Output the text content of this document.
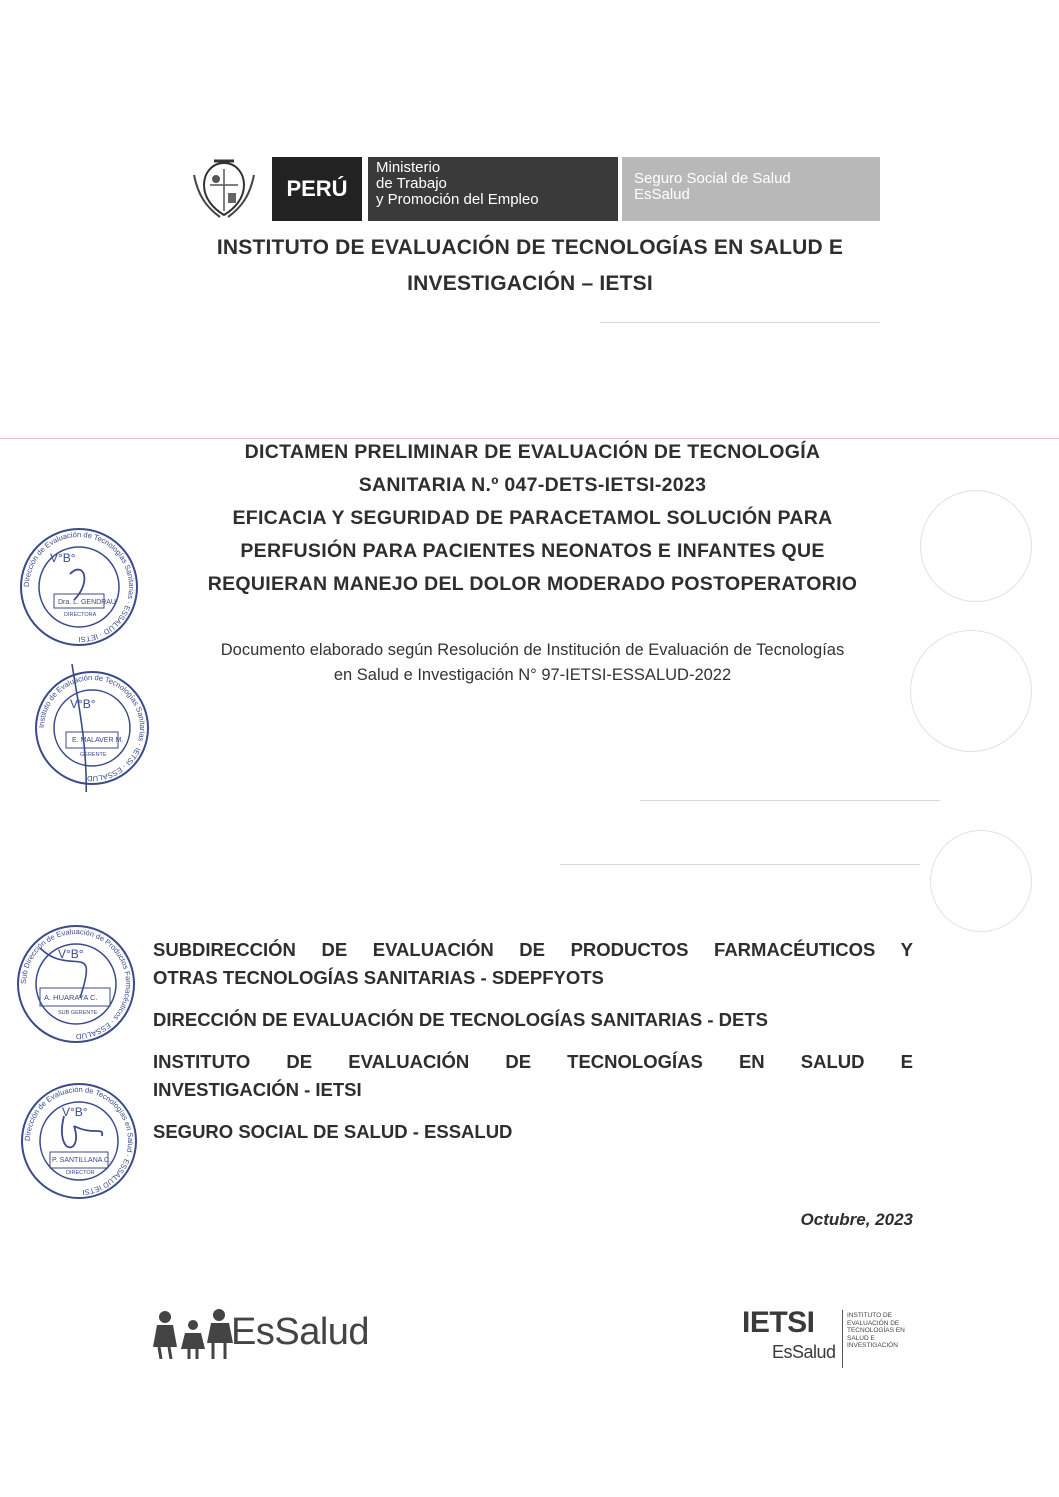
PERÚ
Ministerio
de Trabajo
y Promoción del Empleo
Seguro Social de Salud
EsSalud
INSTITUTO DE EVALUACIÓN DE TECNOLOGÍAS EN SALUD E
INVESTIGACIÓN – IETSI
DICTAMEN PRELIMINAR DE EVALUACIÓN DE TECNOLOGÍA
SANITARIA N.º 047-DETS-IETSI-2023
EFICACIA Y SEGURIDAD DE PARACETAMOL SOLUCIÓN PARA
PERFUSIÓN PARA PACIENTES NEONATOS E INFANTES QUE
REQUIERAN MANEJO DEL DOLOR MODERADO POSTOPERATORIO
Documento elaborado según Resolución de Institución de Evaluación de Tecnologías
en Salud e Investigación N° 97-IETSI-ESSALUD-2022
V°B°
Dra. L. GENDRAU
DIRECTORA
Dirección de Evaluación de Tecnologías Sanitarias · ESSALUD · IETSI
V°B°
E. MALAVER M.
GERENTE
Instituto de Evaluación de Tecnologías Sanitarias · IETSI · ESSALUD
V°B°
A. HUARAYA C.
SUB GERENTE
Sub Dirección de Evaluación de Productos Farmacéuticos · ESSALUD
V°B°
P. SANTILLANA C.
DIRECTOR
Dirección de Evaluación de Tecnologías en Salud · ESSALUD IETSI
SUBDIRECCIÓN DE EVALUACIÓN DE PRODUCTOS FARMACÉUTICOS Y
OTRAS TECNOLOGÍAS SANITARIAS - SDEPFYOTS
DIRECCIÓN DE EVALUACIÓN DE TECNOLOGÍAS SANITARIAS - DETS
INSTITUTO DE EVALUACIÓN DE TECNOLOGÍAS EN SALUD E
INVESTIGACIÓN - IETSI
SEGURO SOCIAL DE SALUD - ESSALUD
Octubre, 2023
EsSalud	IETSI
EsSalud
INSTITUTO DE
EVALUACIÓN DE
TECNOLOGÍAS EN
SALUD E
INVESTIGACIÓN
